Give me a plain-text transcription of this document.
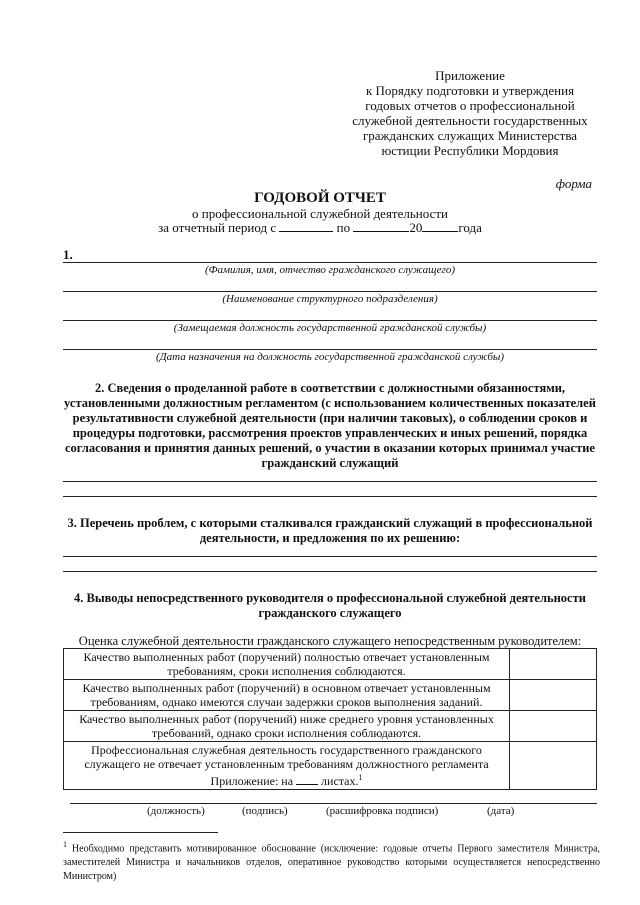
Приложение
к Порядку подготовки и утверждения
годовых отчетов о профессиональной
служебной деятельности государственных
гражданских служащих Министерства
юстиции Республики Мордовия
форма
ГОДОВОЙ ОТЧЕТ
о профессиональной служебной деятельности
за отчетный период с	по	20	года
1.
(Фамилия, имя, отчество гражданского служащего)
(Наименование структурного подразделения)
(Замещаемая должность государственной гражданской службы)
(Дата назначения на должность государственной гражданской службы)
2. Сведения о проделанной работе в соответствии с должностными обязанностями, установленными должностным регламентом (с использованием количественных показателей результативности служебной деятельности (при наличии таковых), о соблюдении сроков и процедуры подготовки, рассмотрения проектов управленческих и иных решений, порядка согласования и принятия данных решений, о участии в оказании которых принимал участие гражданский служащий
3. Перечень проблем, с которыми сталкивался гражданский служащий в профессиональной деятельности, и предложения по их решению:
4. Выводы непосредственного руководителя о профессиональной служебной деятельности гражданского служащего
Оценка служебной деятельности гражданского служащего непосредственным руководителем:
Качество выполненных работ (поручений) полностью отвечает установленным требованиям, сроки исполнения соблюдаются.	
Качество выполненных работ (поручений) в основном отвечает установленным требованиям, однако имеются случаи задержки сроков выполнения заданий.	
Качество выполненных работ (поручений) ниже среднего уровня установленных требований, однако сроки исполнения соблюдаются.	
Профессиональная служебная деятельность государственного гражданского служащего не отвечает установленным требованиям должностного регламента Приложение: на листах.$^1$	
(должность)	(подпись)	(расшифровка подписи)	(дата)
$^1$ Необходимо представить мотивированное обоснование (исключение: годовые отчеты Первого заместителя Министра, заместителей Министра и начальников отделов, оперативное руководство которыми осуществляется непосредственно Министром)
